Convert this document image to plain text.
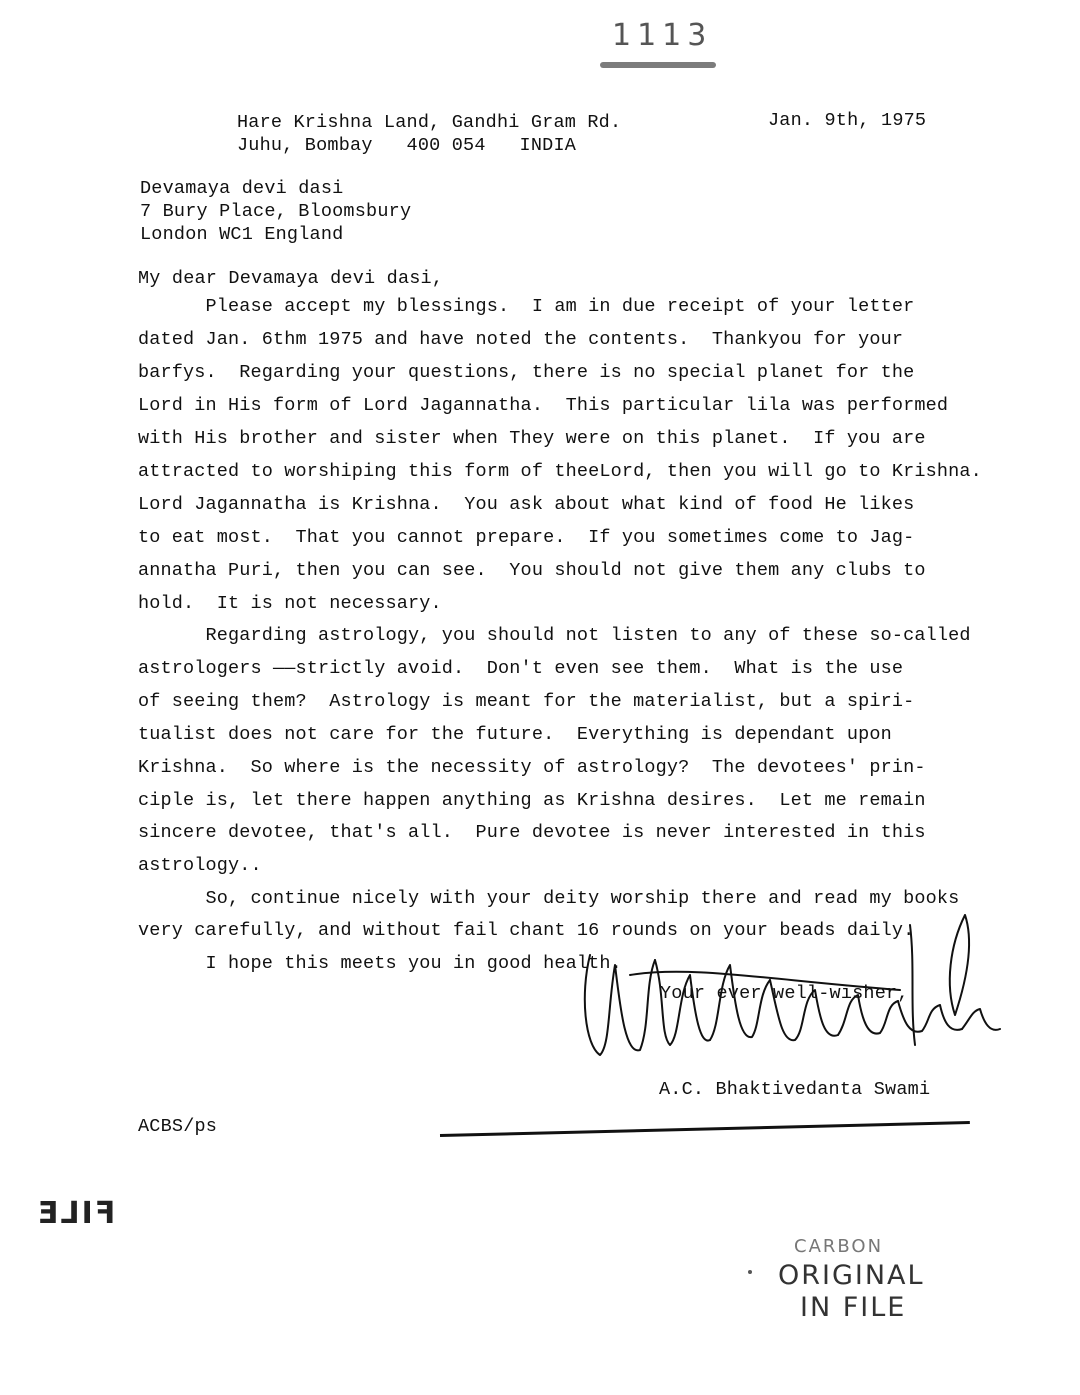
1113
Hare Krishna Land, Gandhi Gram Rd.
Juhu, Bombay   400 054   INDIA
Jan. 9th, 1975
Devamaya devi dasi
7 Bury Place, Bloomsbury
London WC1 England
My dear Devamaya devi dasi,
Please accept my blessings.  I am in due receipt of your letter
dated Jan. 6thm 1975 and have noted the contents.  Thankyou for your
barfys.  Regarding your questions, there is no special planet for the
Lord in His form of Lord Jagannatha.  This particular lila was performed
with His brother and sister when They were on this planet.  If you are
attracted to worshiping this form of theeLord, then you will go to Krishna.
Lord Jagannatha is Krishna.  You ask about what kind of food He likes
to eat most.  That you cannot prepare.  If you sometimes come to Jag-
annatha Puri, then you can see.  You should not give them any clubs to
hold.  It is not necessary.
Regarding astrology, you should not listen to any of these so-called
astrologers ——strictly avoid.  Don't even see them.  What is the use
of seeing them?  Astrology is meant for the materialist, but a spiri-
tualist does not care for the future.  Everything is dependant upon
Krishna.  So where is the necessity of astrology?  The devotees' prin-
ciple is, let there happen anything as Krishna desires.  Let me remain
sincere devotee, that's all.  Pure devotee is never interested in this
astrology..
So, continue nicely with your deity worship there and read my books
very carefully, and without fail chant 16 rounds on your beads daily.
I hope this meets you in good health.
Your ever well-wisher,
A.C. Bhaktivedanta Swami
ACBS/ps
FILE
CARBON
ORIGINAL
IN FILE
